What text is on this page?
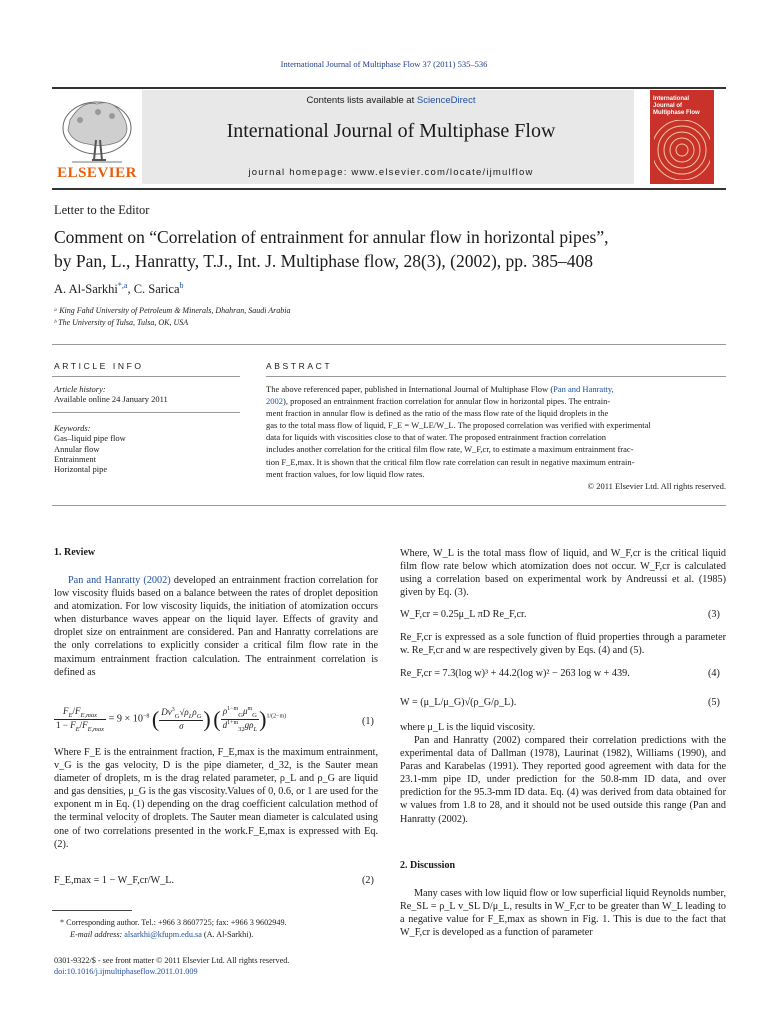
International Journal of Multiphase Flow 37 (2011) 535–536
ELSEVIER
Contents lists available at ScienceDirect
International Journal of Multiphase Flow
journal homepage: www.elsevier.com/locate/ijmulflow
International Journal of Multiphase Flow
Letter to the Editor
Comment on “Correlation of entrainment for annular flow in horizontal pipes”,
by Pan, L., Hanratty, T.J., Int. J. Multiphase flow, 28(3), (2002), pp. 385–408
A. Al-Sarkhi$^{*,a}$, C. Sarica$^b$
ᵃ King Fahd University of Petroleum & Minerals, Dhahran, Saudi Arabia
ᵇ The University of Tulsa, Tulsa, OK, USA
ARTICLE INFO
Article history:
Available online 24 January 2011
Keywords:
Gas–liquid pipe flow
Annular flow
Entrainment
Horizontal pipe
ABSTRACT

The above referenced paper, published in International Journal of Multiphase Flow (Pan and Hanratty,
2002), proposed an entrainment fraction correlation for annular flow in horizontal pipes. The entrain-
ment fraction in annular flow is defined as the ratio of the mass flow rate of the liquid droplets in the
gas to the total mass flow of liquid, F_E = W_LE/W_L. The proposed correlation was verified with experimental
data for liquids with viscosities close to that of water. The proposed entrainment fraction correlation
includes another correlation for the critical film flow rate, W_F,cr, to estimate a maximum entrainment frac-
tion F_E,max. It is shown that the critical film flow rate correlation can result in negative maximum entrain-
ment fraction values, for low liquid flow rates.

© 2011 Elsevier Ltd. All rights reserved.

1. Review

Pan and Hanratty (2002) developed an entrainment fraction correlation for low viscosity fluids based on a balance between the rates of droplet deposition and atomization. For low viscosity liquids, the initiation of atomization occurs when disturbance waves appear on the liquid layer. Effects of gravity and droplet size on entrainment are considered. Pan and Hanratty correlations are the only correlations to explicitly consider a critical film flow rate in the maximum entrainment fraction calculation. The entrainment correlation is defined as

$\frac{F_E/F_{E,max}}{1 - F_E/F_{E,max}} = 9 \times 10^{-8}$ ( $\frac{Dv^3_G√\rho_L\rho_G}{\sigma}$ ) ( $\frac{\rho^{1-m}_G\mu^m_G}{d^{1+m}_{32}g\rho_L} )^{1/(2-m)}$	(1)

Where F_E is the entrainment fraction, F_E,max is the maximum entrainment, v_G is the gas velocity, D is the pipe diameter, d_32, is the Sauter mean diameter of droplets, m is the drag related parameter, ρ_L and ρ_G are liquid and gas densities, μ_G is the gas viscosity.Values of 0, 0.6, or 1 are used for the exponent m in Eq. (1) depending on the drag coefficient calculation method of the terminal velocity of droplets. The Sauter mean diameter is calculated using one of two correlations presented in the work.F_E,max is expressed with Eq. (2).

F_E,max = 1 − W_F,cr/W_L.	(2)

Where, W_L is the total mass flow of liquid, and W_F,cr is the critical liquid film flow rate below which atomization does not occur. W_F,cr is calculated using a correlation based on experimental work by Andreussi et al. (1985) given by Eq. (3).

W_F,cr = 0.25μ_L πD Re_F,cr.	(3)

Re_F,cr is expressed as a sole function of fluid properties through a parameter w. Re_F,cr and w are respectively given by Eqs. (4) and (5).

Re_F,cr = 7.3(log w)³ + 44.2(log w)² − 263 log w + 439.	(4)
W = (μ_L/μ_G)√(ρ_G/ρ_L).	(5)

where μ_L is the liquid viscosity.

Pan and Hanratty (2002) compared their correlation predictions with the experimental data of Dallman (1978), Laurinat (1982), Williams (1990), and Paras and Karabelas (1991). They reported good agreement with data for the 23.1-mm pipe ID, under prediction for the 50.8-mm ID data, and over prediction for the 95.3-mm ID data. Eq. (4) was derived from data obtained for w values from 1.8 to 28, and it should not be used outside this range (Pan and Hanratty (2002).

2. Discussion

Many cases with low liquid flow or low superficial liquid Reynolds number, Re_SL = ρ_L v_SL D/μ_L, results in W_F,cr to be greater than W_L leading to a negative value for F_E,max as shown in Fig. 1. This is due to the fact that W_F,cr is developed as a function of parameter

* Corresponding author. Tel.: +966 3 8607725; fax: +966 3 9602949.
E-mail address: alsarkhi@kfupm.edu.sa (A. Al-Sarkhi).
0301-9322/$ - see front matter © 2011 Elsevier Ltd. All rights reserved.
doi:10.1016/j.ijmultiphaseflow.2011.01.009
